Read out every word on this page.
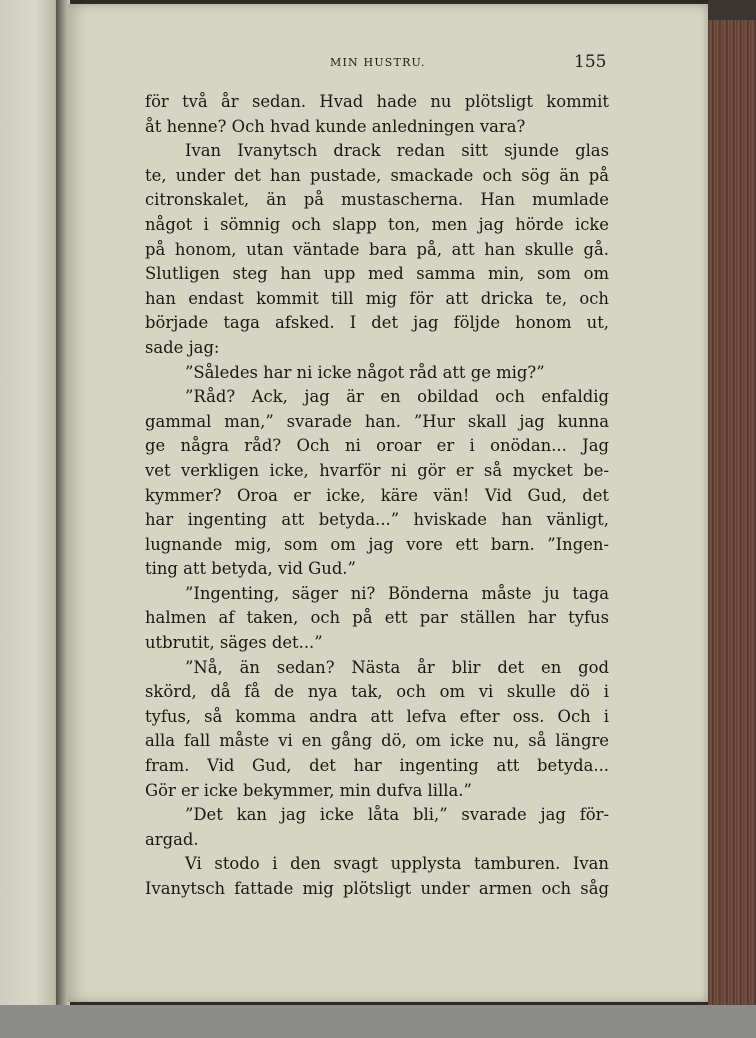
MIN HUSTRU.	155
för två år sedan. Hvad hade nu plötsligt kommit
åt henne? Och hvad kunde anledningen vara?
Ivan Ivanytsch drack redan sitt sjunde glas
te, under det han pustade, smackade och sög än på
citronskalet, än på mustascherna. Han mumlade
något i sömnig och slapp ton, men jag hörde icke
på honom, utan väntade bara på, att han skulle gå.
Slutligen steg han upp med samma min, som om
han endast kommit till mig för att dricka te, och
började taga afsked. I det jag följde honom ut,
sade jag:
”Således har ni icke något råd att ge mig?”
”Råd? Ack, jag är en obildad och enfaldig
gammal man,” svarade han. ”Hur skall jag kunna
ge några råd? Och ni oroar er i onödan... Jag
vet verkligen icke, hvarför ni gör er så mycket be-
kymmer? Oroa er icke, käre vän! Vid Gud, det
har ingenting att betyda...” hviskade han vänligt,
lugnande mig, som om jag vore ett barn. ”Ingen-
ting att betyda, vid Gud.”
”Ingenting, säger ni? Bönderna måste ju taga
halmen af taken, och på ett par ställen har tyfus
utbrutit, säges det...”
”Nå, än sedan? Nästa år blir det en god
skörd, då få de nya tak, och om vi skulle dö i
tyfus, så komma andra att lefva efter oss. Och i
alla fall måste vi en gång dö, om icke nu, så längre
fram. Vid Gud, det har ingenting att betyda...
Gör er icke bekymmer, min dufva lilla.”
”Det kan jag icke låta bli,” svarade jag för-
argad.
Vi stodo i den svagt upplysta tamburen. Ivan
Ivanytsch fattade mig plötsligt under armen och såg
